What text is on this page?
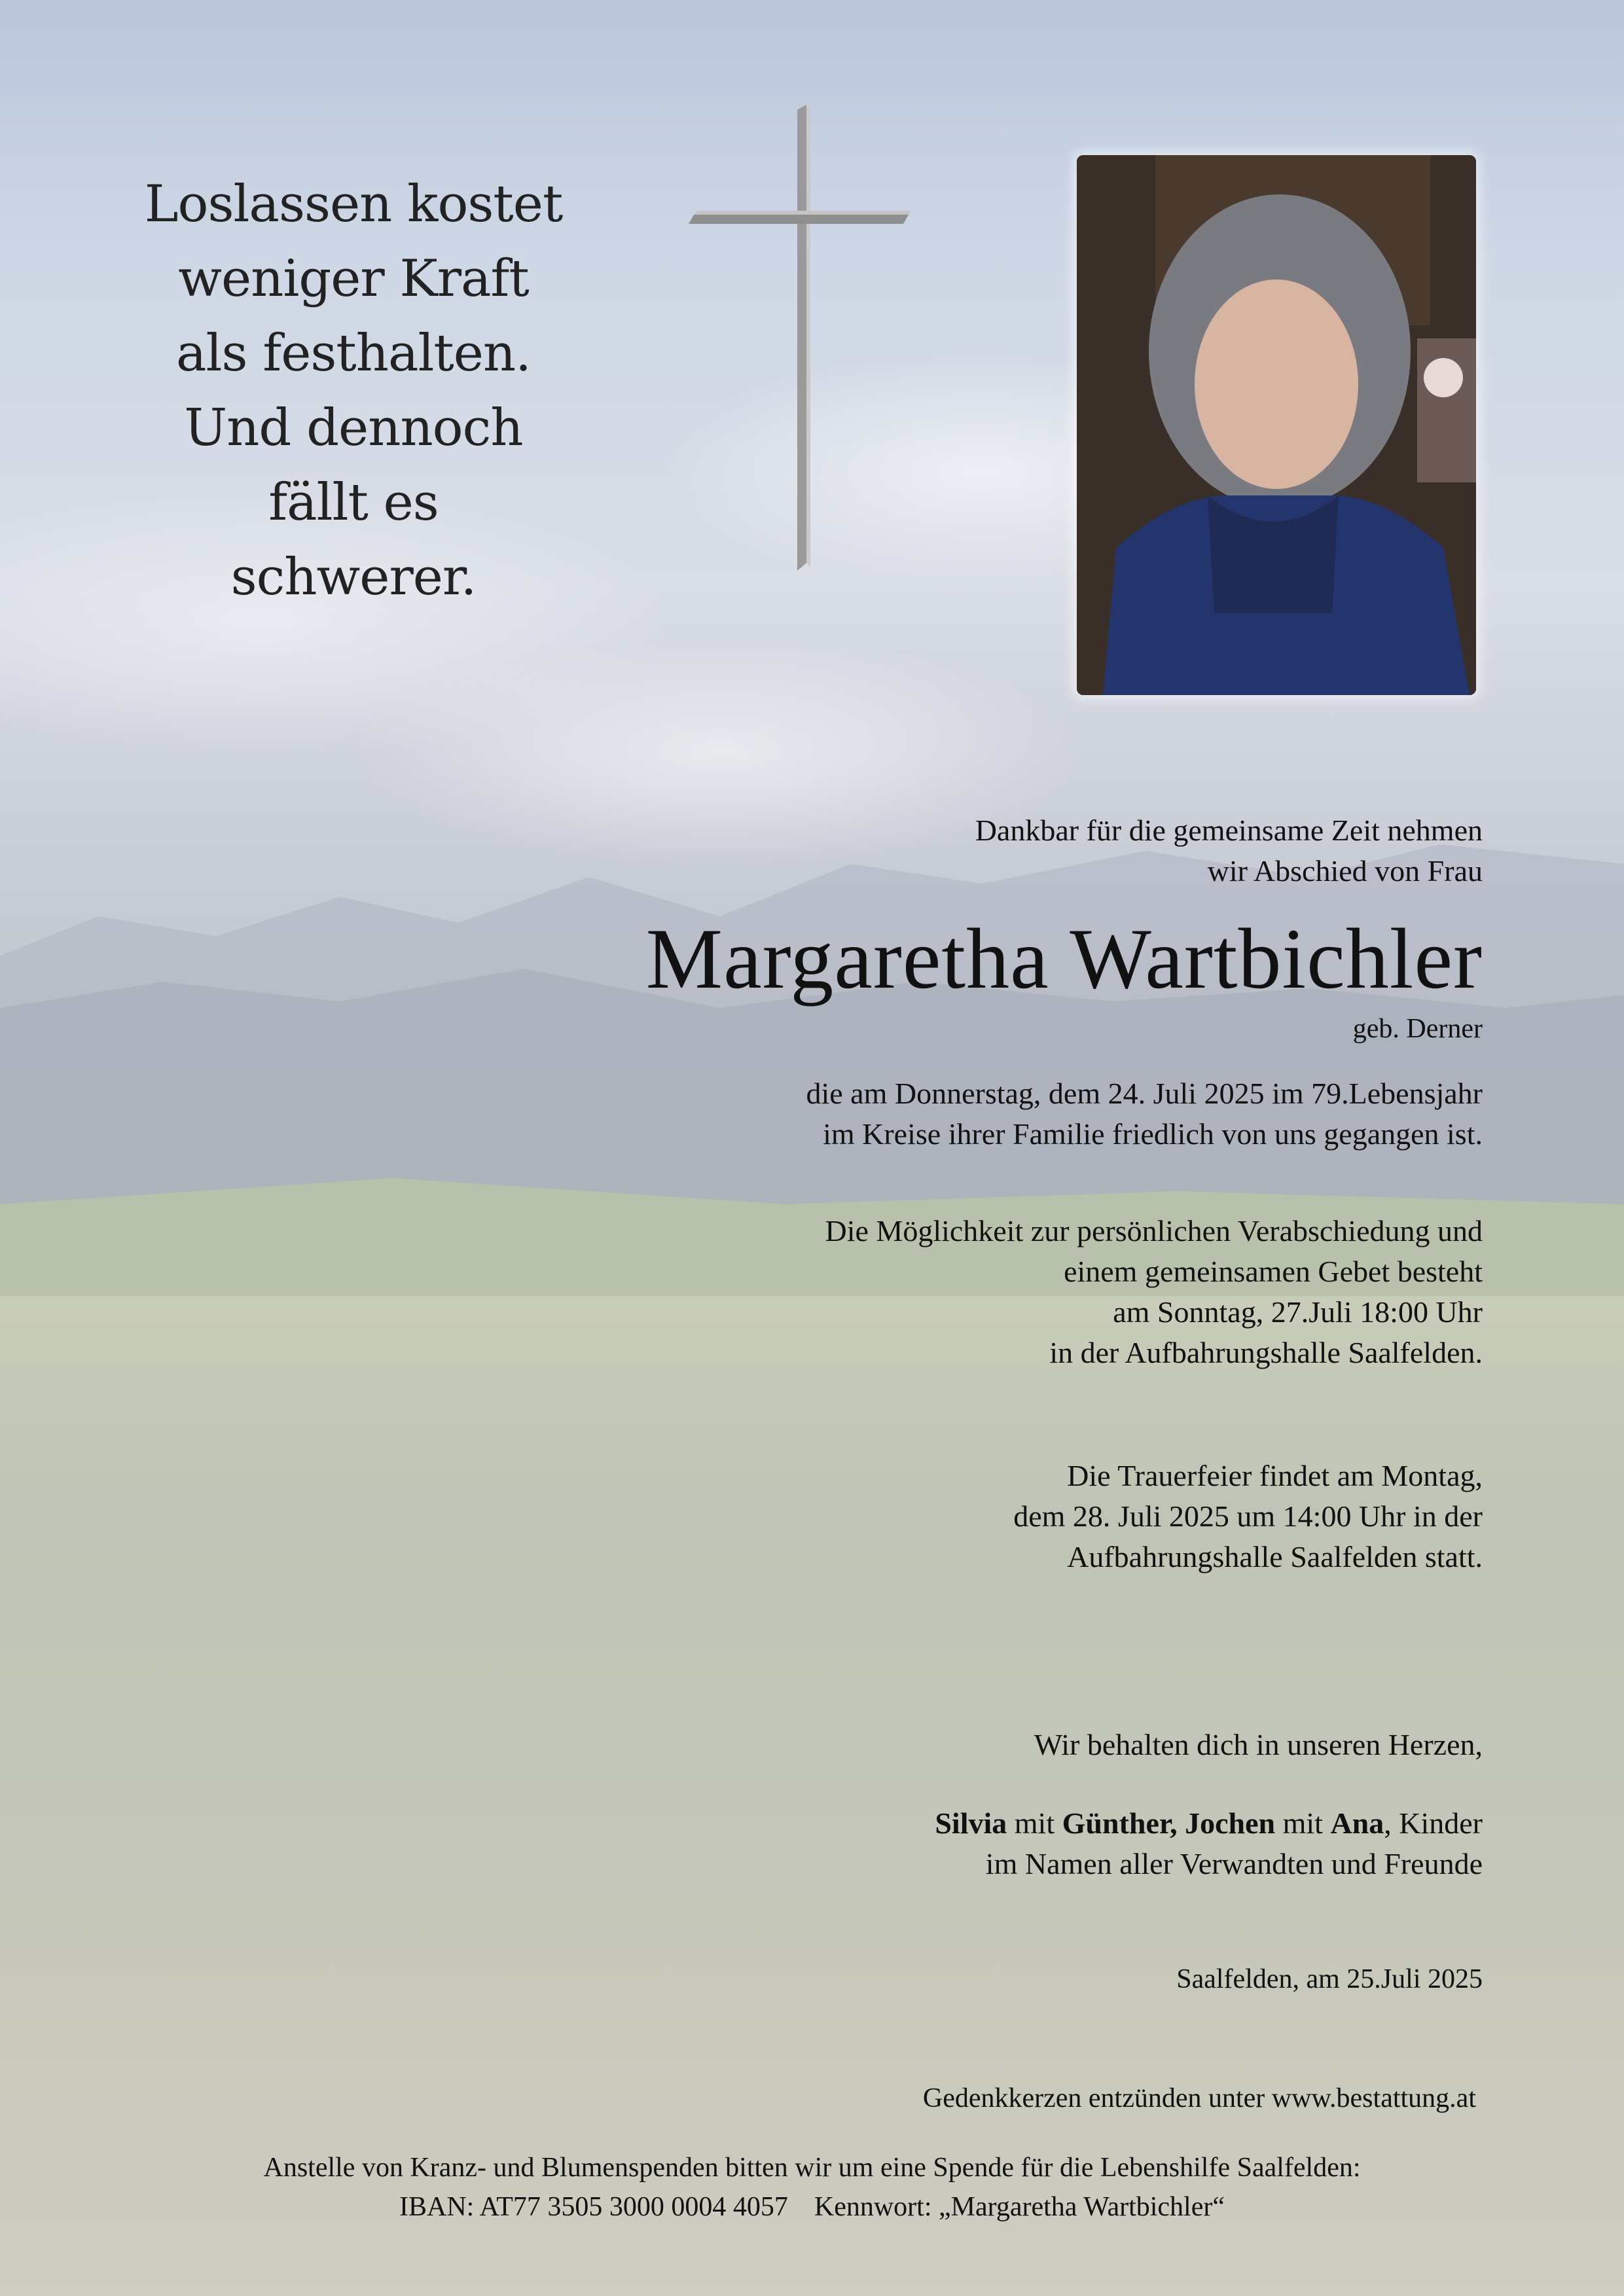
Loslassen kostet
weniger Kraft
als festhalten.
Und dennoch
fällt es
schwerer.
Dankbar für die gemeinsame Zeit nehmen
wir Abschied von Frau
Margaretha Wartbichler
geb. Derner
die am Donnerstag, dem 24. Juli 2025 im 79.Lebensjahr
im Kreise ihrer Familie friedlich von uns gegangen ist.
Die Möglichkeit zur persönlichen Verabschiedung und
einem gemeinsamen Gebet besteht
am Sonntag, 27.Juli 18:00 Uhr
in der Aufbahrungshalle Saalfelden.
Die Trauerfeier findet am Montag,
dem 28. Juli 2025 um 14:00 Uhr in der
Aufbahrungshalle Saalfelden statt.
Wir behalten dich in unseren Herzen,
Silvia mit Günther, Jochen mit Ana, Kinder
im Namen aller Verwandten und Freunde
Saalfelden, am 25.Juli 2025
Gedenkkerzen entzünden unter www.bestattung.at
Anstelle von Kranz- und Blumenspenden bitten wir um eine Spende für die Lebenshilfe Saalfelden:
IBAN: AT77 3505 3000 0004 4057 Kennwort: „Margaretha Wartbichler“
